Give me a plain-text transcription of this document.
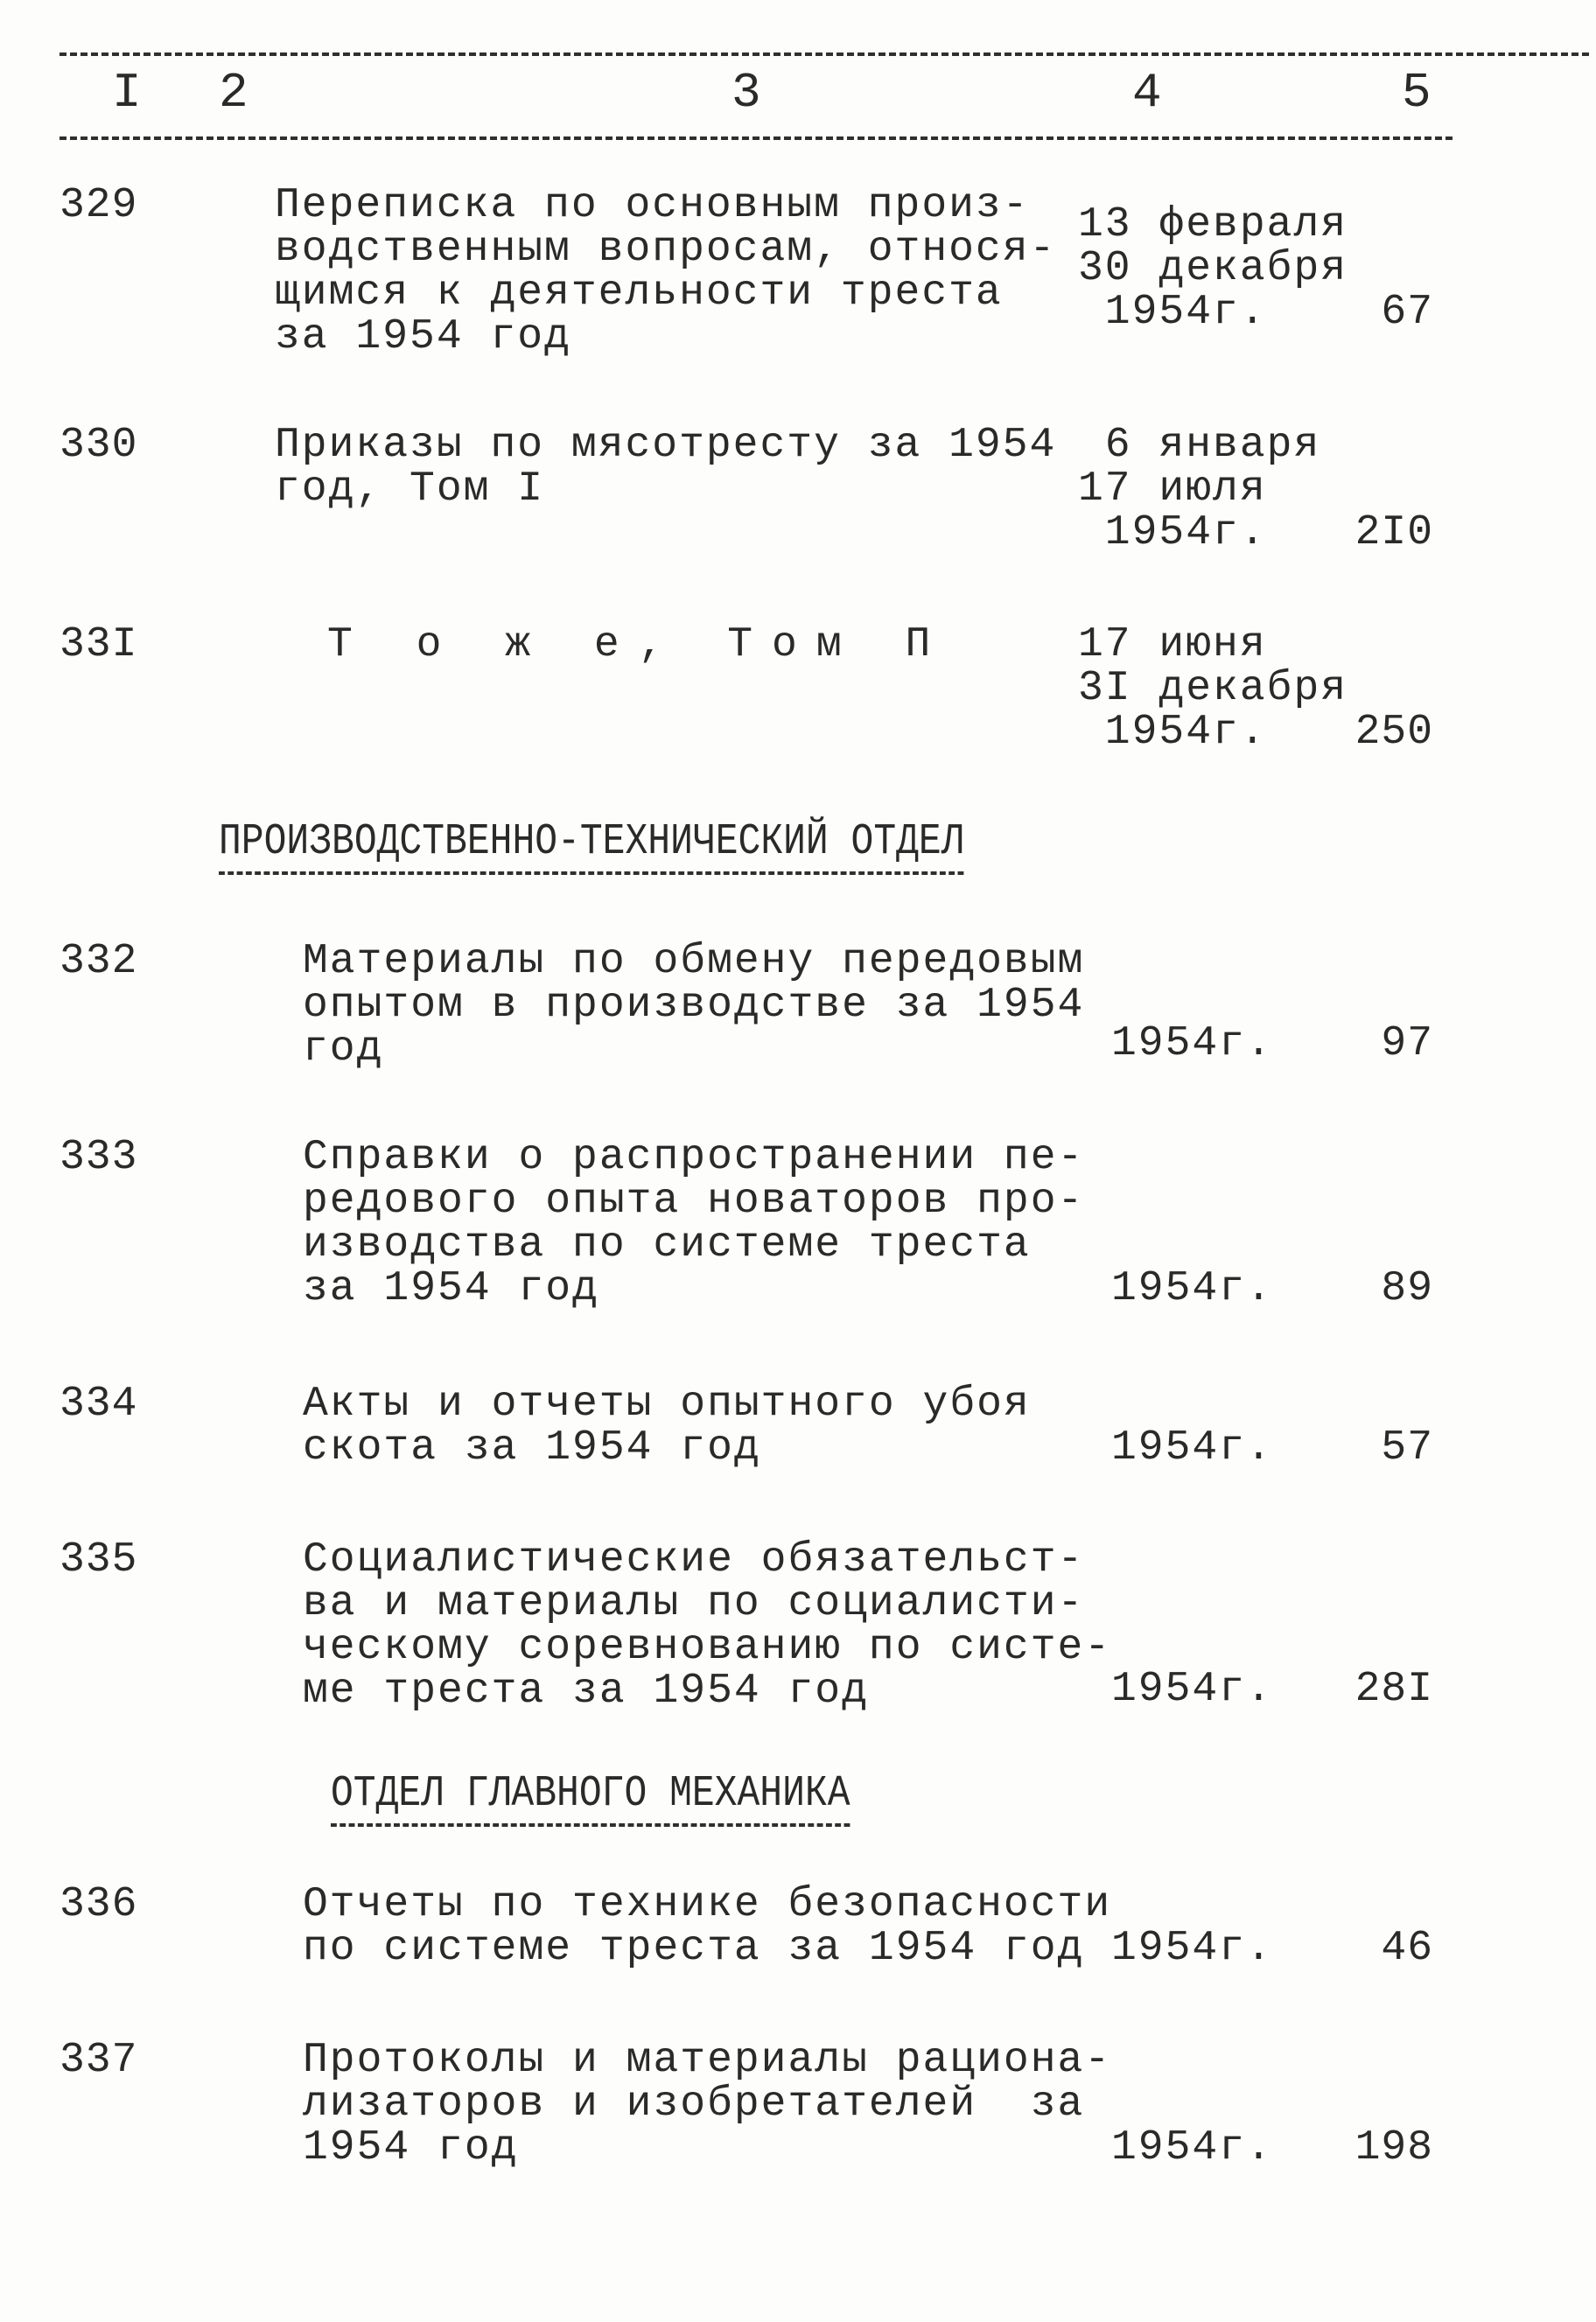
I 2	3	4	5
329	Переписка по основным произ-
водственным вопросам, относя-
щимся к деятельности треста
за 1954 год
13 февраля
30 декабря
1954г.	67
330	Приказы по мясотресту за 1954
год, Том I
6 января
17 июля
1954г.	2I0
33I	Т о ж е, Том П	17 июня
3I декабря
1954г.	250
ПРОИЗВОДСТВЕННО-ТЕХНИЧЕСКИЙ ОТДЕЛ
332	Материалы по обмену передовым
опытом в производстве за 1954
год	1954г.	97
333	Справки о распространении пе-
редового опыта новаторов про-
изводства по системе треста
за 1954 год	1954г.	89
334	Акты и отчеты опытного убоя
скота за 1954 год	1954г.	57
335	Социалистические обязательст-
ва и материалы по социалисти-
ческому соревнованию по систе-
ме треста за 1954 год	1954г. 28I
ОТДЕЛ ГЛАВНОГО МЕХАНИКА
336	Отчеты по технике безопасности
по системе треста за 1954 год 1954г.	46
337	Протоколы и материалы рациона-
лизаторов и изобретателей  за
1954 год	1954г. 198
